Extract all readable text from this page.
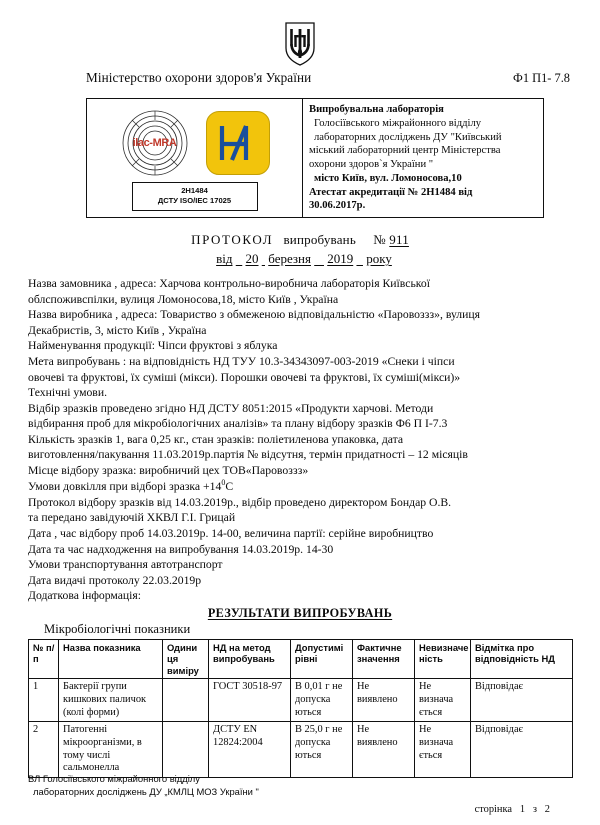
Міністерство охорони здоров'я України	Ф1 П1- 7.8
ilac-MRA
2Н1484
ДСТУ ISO/IEC 17025

Випробувальна лабораторія
Голосіївського міжрайонного відділу
лабораторних досліджень ДУ "Київський
міський лабораторний центр Міністерства
охорони здоров`я України "
місто Київ, вул. Ломоносова,10
Атестат акредитації № 2Н1484 від
30.06.2017р.
ПРОТОКОЛ випробувань № 911
від 20 березня 2019 року

Назва замовника , адреса: Харчова контрольно-виробнича лабораторія Київської

облспоживспілки, вулиця Ломоносова,18, місто Київ , Україна

Назва виробника , адреса: Товариство з обмеженою відповідальністю «Паровоззз», вулиця

Декабристів, 3, місто Київ , Україна

Найменування продукції: Чіпси фруктові з яблука

Мета випробувань : на відповідність НД ТУУ 10.3-34343097-003-2019 «Снеки і чіпси

овочеві та фруктові, їх суміші (мікси). Порошки овочеві та фруктові, їх суміші(мікси)»

Технічні умови.

Відбір зразків проведено згідно НД ДСТУ 8051:2015 «Продукти харчові. Методи

відбирання проб для мікробіологічних аналізів» та плану відбору зразків Ф6 П I-7.3

Кількість зразків 1, вага 0,25 кг., стан зразків: поліетиленова упаковка, дата

виготовлення/пакування 11.03.2019р.партія № відсутня, термін придатності – 12 місяців

Місце відбору зразка: виробничий цех ТОВ«Паровоззз»

Умови довкілля при відборі зразка $+14^0С$

Протокол відбору зразків від 14.03.2019р., відбір проведено директором Бондар О.В.

та передано завідуючій ХКВЛ Г.І. Грицай

Дата , час відбору проб 14.03.2019р. 14-00, величина партії: серійне виробництво

Дата та час надходження на випробування 14.03.2019р. 14-30

Умови транспортування автотранспорт

Дата видачі протоколу 22.03.2019р

Додаткова інформація:

РЕЗУЛЬТАТИ ВИПРОБУВАНЬ
Мікробіологічні показники
№ п/п	Назва показника	Одини ця виміру	НД на метод випробувань	Допустимі рівні	Фактичне значення	Невизначе ність	Відмітка про відповідність НД
1	Бактерії групи кишкових паличок (колі форми)		ГОСТ 30518-97	В 0,01 г не допуска ються	Не виявлено	Не визнача ється	Відповідає
2	Патогенні мікроорганізми, в тому числі сальмонелла		ДСТУ EN 12824:2004	В 25,0 г не допуска ються	Не виявлено	Не визнача ється	Відповідає
ВЛ Голосіївського міжрайонного відділу
лабораторних досліджень ДУ „КМЛЦ МОЗ України "
сторінка 1 з 2
